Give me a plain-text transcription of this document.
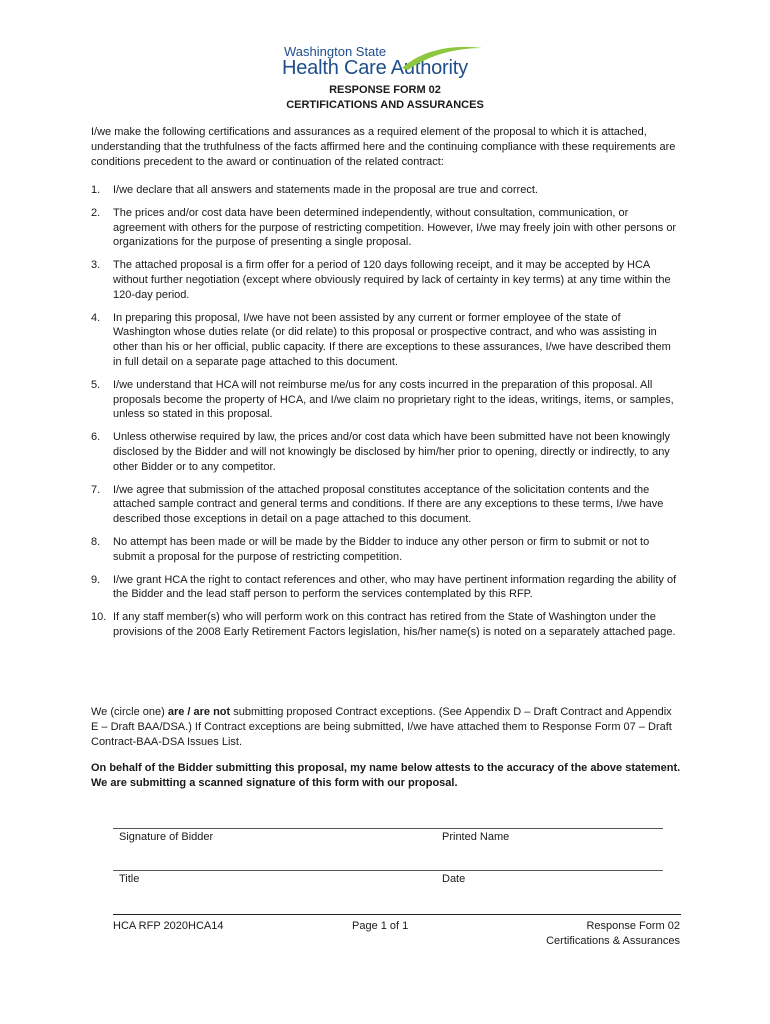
Washington State
Health Care Authority
RESPONSE FORM 02
CERTIFICATIONS AND ASSURANCES
I/we make the following certifications and assurances as a required element of the proposal to which it is attached, understanding that the truthfulness of the facts affirmed here and the continuing compliance with these requirements are conditions precedent to the award or continuation of the related contract:
1. I/we declare that all answers and statements made in the proposal are true and correct.
2. The prices and/or cost data have been determined independently, without consultation, communication, or agreement with others for the purpose of restricting competition. However, I/we may freely join with other persons or organizations for the purpose of presenting a single proposal.
3. The attached proposal is a firm offer for a period of 120 days following receipt, and it may be accepted by HCA without further negotiation (except where obviously required by lack of certainty in key terms) at any time within the 120-day period.
4. In preparing this proposal, I/we have not been assisted by any current or former employee of the state of Washington whose duties relate (or did relate) to this proposal or prospective contract, and who was assisting in other than his or her official, public capacity. If there are exceptions to these assurances, I/we have described them in full detail on a separate page attached to this document.
5. I/we understand that HCA will not reimburse me/us for any costs incurred in the preparation of this proposal. All proposals become the property of HCA, and I/we claim no proprietary right to the ideas, writings, items, or samples, unless so stated in this proposal.
6. Unless otherwise required by law, the prices and/or cost data which have been submitted have not been knowingly disclosed by the Bidder and will not knowingly be disclosed by him/her prior to opening, directly or indirectly, to any other Bidder or to any competitor.
7. I/we agree that submission of the attached proposal constitutes acceptance of the solicitation contents and the attached sample contract and general terms and conditions. If there are any exceptions to these terms, I/we have described those exceptions in detail on a page attached to this document.
8. No attempt has been made or will be made by the Bidder to induce any other person or firm to submit or not to submit a proposal for the purpose of restricting competition.
9. I/we grant HCA the right to contact references and other, who may have pertinent information regarding the ability of the Bidder and the lead staff person to perform the services contemplated by this RFP.
10. If any staff member(s) who will perform work on this contract has retired from the State of Washington under the provisions of the 2008 Early Retirement Factors legislation, his/her name(s) is noted on a separately attached page.
We (circle one) are / are not submitting proposed Contract exceptions. (See Appendix D – Draft Contract and Appendix E – Draft BAA/DSA.) If Contract exceptions are being submitted, I/we have attached them to Response Form 07 – Draft Contract-BAA-DSA Issues List.
On behalf of the Bidder submitting this proposal, my name below attests to the accuracy of the above statement. We are submitting a scanned signature of this form with our proposal.
Signature of Bidder	Printed Name
Title	Date
HCA RFP 2020HCA14	Page 1 of 1	Response Form 02
Certifications & Assurances
